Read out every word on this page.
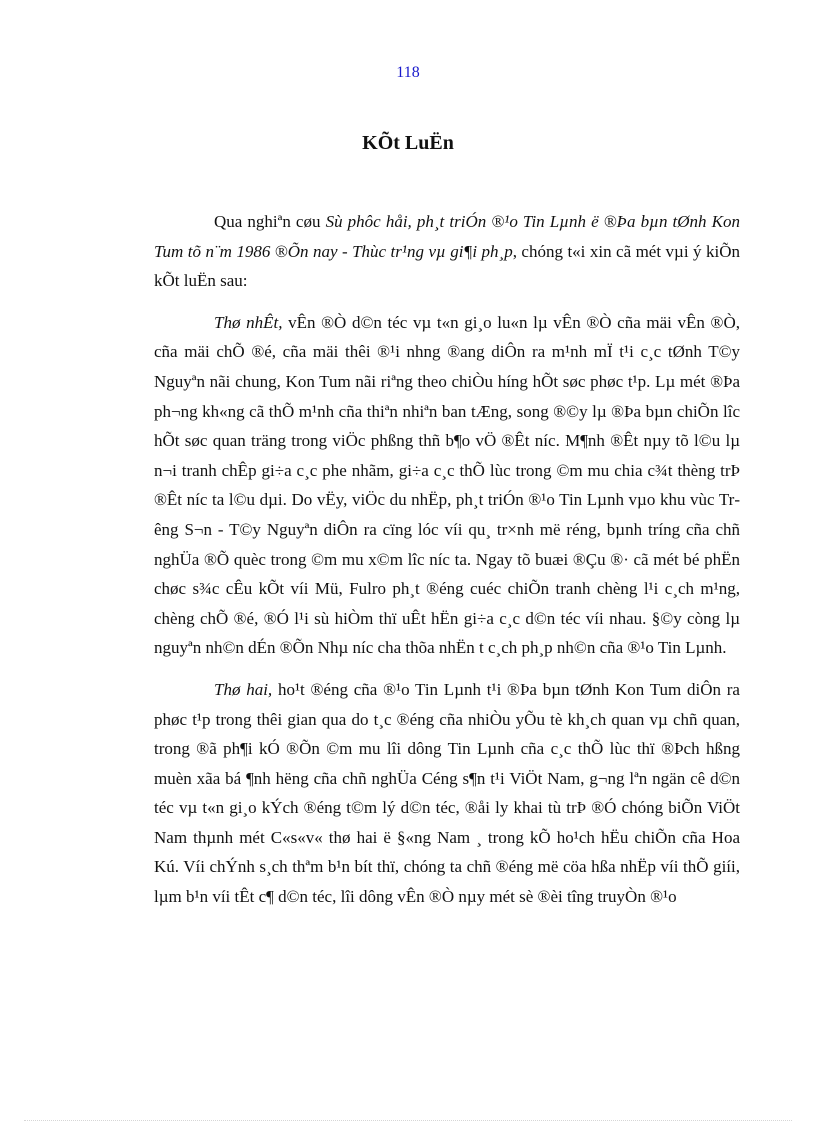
118
KÕt LuËn

Qua nghiªn cøu Sù phôc håi, ph¸t triÓn ®¹o Tin Lµnh ë ®Þa bµn tØnh Kon Tum tõ n¨m 1986 ®Õn nay - Thùc tr¹ng vµ gi¶i ph¸p, chóng t«i xin cã mét vµi ý kiÕn kÕt luËn sau:

Thø nhÊt, vÊn ®Ò d©n téc vµ t«n gi¸o lu«n lµ vÊn ®Ò cña mäi vÊn ®Ò, cña mäi chÕ ®é, cña mäi thêi ®¹i nhng ®ang diÔn ra m¹nh mÏ t¹i c¸c tØnh T©y Nguyªn nãi chung, Kon Tum nãi riªng theo chiÒu híng hÕt søc phøc t¹p. Lµ mét ®Þa ph¬ng kh«ng cã thÕ m¹nh cña thiªn nhiªn ban tÆng, song ®©y lµ ®Þa bµn chiÕn lîc hÕt søc quan träng trong viÖc phßng thñ b¶o vÖ ®Êt níc. M¶nh ®Êt nµy tõ l©u lµ n¬i tranh chÊp gi÷a c¸c phe nhãm, gi÷a c¸c thÕ lùc trong ©m mu chia c¾t thèng trÞ ®Êt níc ta l©u dµi. Do vËy, viÖc du nhËp, ph¸t triÓn ®¹o Tin Lµnh vµo khu vùc Trêng S¬n - T©y Nguyªn diÔn ra cïng lóc víi qu¸ tr×nh më réng, bµnh tríng cña chñ nghÜa ®Õ quèc trong ©m mu x©m lîc níc ta. Ngay tõ buæi ®Çu ®· cã mét bé phËn chøc s¾c cÊu kÕt víi Mü, Fulro ph¸t ®éng cuéc chiÕn tranh chèng l¹i c¸ch m¹ng, chèng chÕ ®é, ®Ó l¹i sù hiÒm thï uÊt hËn gi÷a c¸c d©n téc víi nhau. §©y còng lµ nguyªn nh©n dÉn ®Õn Nhµ níc cha thõa nhËn t c¸ch ph¸p nh©n cña ®¹o Tin Lµnh.

Thø hai, ho¹t ®éng cña ®¹o Tin Lµnh t¹i ®Þa bµn tØnh Kon Tum diÔn ra phøc t¹p trong thêi gian qua do t¸c ®éng cña nhiÒu yÕu tè kh¸ch quan vµ chñ quan, trong ®ã ph¶i kÓ ®Õn ©m mu lîi dông Tin Lµnh cña c¸c thÕ lùc thï ®Þch hßng muèn xãa bá ¶nh hëng cña chñ nghÜa Céng s¶n t¹i ViÖt Nam, g¬ng lªn ngän cê d©n téc vµ t«n gi¸o kÝch ®éng t©m lý d©n téc, ®åi ly khai tù trÞ ®Ó chóng biÕn ViÖt Nam thµnh mét C«s«v« thø hai ë §«ng Nam ¸ trong kÕ ho¹ch hËu chiÕn cña Hoa Kú. Víi chÝnh s¸ch thªm b¹n bít thï, chóng ta chñ ®éng më cöa hßa nhËp víi thÕ giíi, lµm b¹n víi tÊt c¶ d©n téc, lîi dông vÊn ®Ò nµy mét sè ®èi tîng truyÒn ®¹o
